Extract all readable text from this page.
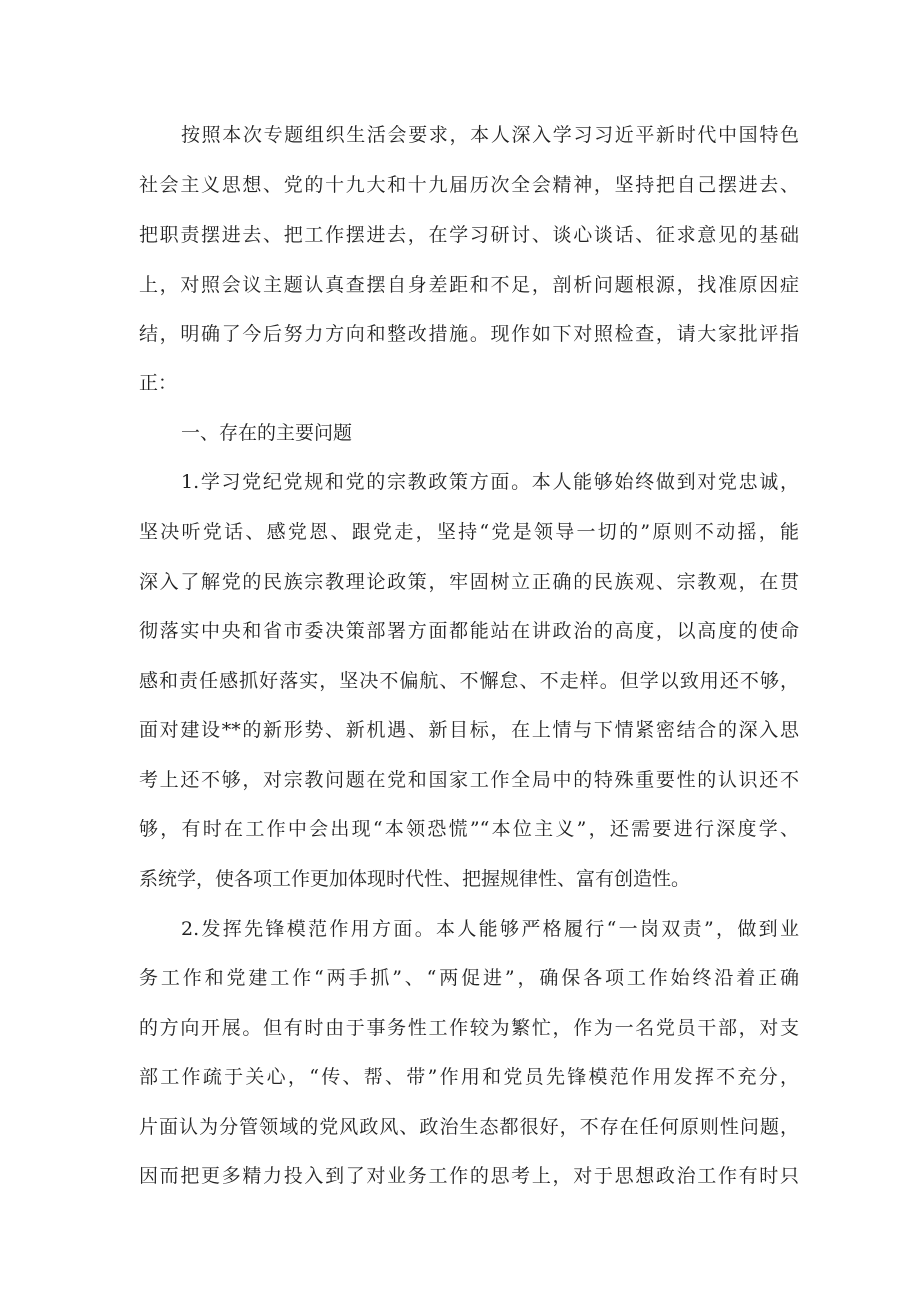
按照本次专题组织生活会要求，本人深入学习习近平新时代中国特色
社会主义思想、党的十九大和十九届历次全会精神，坚持把自己摆进去、
把职责摆进去、把工作摆进去，在学习研讨、谈心谈话、征求意见的基础
上，对照会议主题认真查摆自身差距和不足，剖析问题根源，找准原因症
结，明确了今后努力方向和整改措施。现作如下对照检查，请大家批评指
正：
一、存在的主要问题
1.学习党纪党规和党的宗教政策方面。本人能够始终做到对党忠诚，
坚决听党话、感党恩、跟党走，坚持“党是领导一切的”原则不动摇，能
深入了解党的民族宗教理论政策，牢固树立正确的民族观、宗教观，在贯
彻落实中央和省市委决策部署方面都能站在讲政治的高度，以高度的使命
感和责任感抓好落实，坚决不偏航、不懈怠、不走样。但学以致用还不够，
面对建设**的新形势、新机遇、新目标，在上情与下情紧密结合的深入思
考上还不够，对宗教问题在党和国家工作全局中的特殊重要性的认识还不
够，有时在工作中会出现“本领恐慌”“本位主义”，还需要进行深度学、
系统学，使各项工作更加体现时代性、把握规律性、富有创造性。
2.发挥先锋模范作用方面。本人能够严格履行“一岗双责”，做到业
务工作和党建工作“两手抓”、“两促进”，确保各项工作始终沿着正确
的方向开展。但有时由于事务性工作较为繁忙，作为一名党员干部，对支
部工作疏于关心，“传、帮、带”作用和党员先锋模范作用发挥不充分，
片面认为分管领域的党风政风、政治生态都很好，不存在任何原则性问题，
因而把更多精力投入到了对业务工作的思考上，对于思想政治工作有时只
